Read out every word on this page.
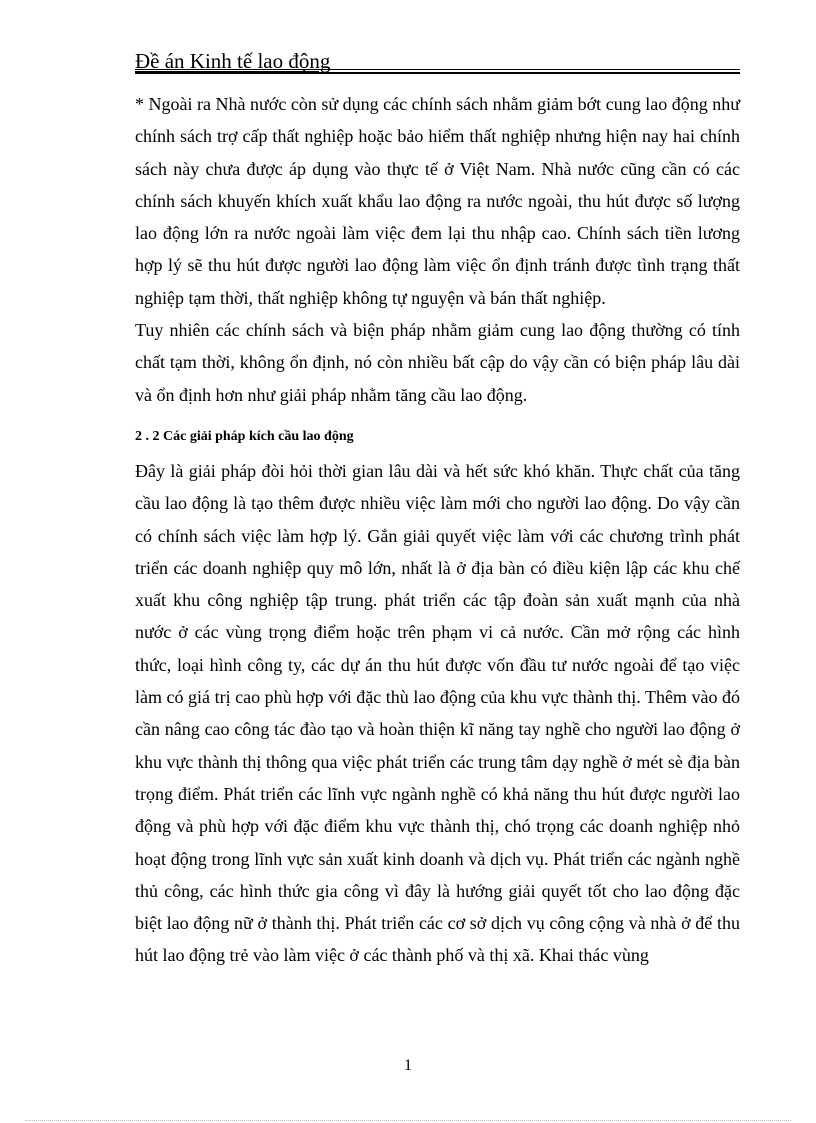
Đề án Kinh tế lao động

* Ngoài ra Nhà nước còn sử dụng các chính sách nhằm giảm bớt cung lao động như chính sách trợ cấp thất nghiệp hoặc bảo hiểm thất nghiệp nhưng hiện nay hai chính sách này chưa được áp dụng vào thực tế ở Việt Nam. Nhà nước cũng cần có các chính sách khuyến khích xuất khẩu lao động ra nước ngoài, thu hút được số lượng lao động lớn ra nước ngoài làm việc đem lại thu nhập cao. Chính sách tiền lương hợp lý sẽ thu hút được người lao động làm việc ổn định tránh được tình trạng thất nghiệp tạm thời, thất nghiệp không tự nguyện và bán thất nghiệp.

Tuy nhiên các chính sách và biện pháp nhằm giảm cung lao động thường có tính chất tạm thời, không ổn định, nó còn nhiều bất cập do vậy cần có biện pháp lâu dài và ổn định hơn như giải pháp nhằm tăng cầu lao động.

2 . 2 Các giải pháp kích cầu lao động

Đây là giải pháp đòi hỏi thời gian lâu dài và hết sức khó khăn. Thực chất của tăng cầu lao động là tạo thêm được nhiều việc làm mới cho người lao động. Do vậy cần có chính sách việc làm hợp lý. Gắn giải quyết việc làm với các chương trình phát triển các doanh nghiệp quy mô lớn, nhất là ở địa bàn có điều kiện lập các khu chế xuất khu công nghiệp tập trung. phát triển các tập đoàn sản xuất mạnh của nhà nước ở các vùng trọng điểm hoặc trên phạm vi cả nước. Cần mở rộng các hình thức, loại hình công ty, các dự án thu hút được vốn đầu tư nước ngoài để tạo việc làm có giá trị cao phù hợp với đặc thù lao động của khu vực thành thị. Thêm vào đó cần nâng cao công tác đào tạo và hoàn thiện kĩ năng tay nghề cho người lao động ở khu vực thành thị thông qua việc phát triển các trung tâm dạy nghề ở mét sè địa bàn trọng điểm. Phát triển các lĩnh vực ngành nghề có khả năng thu hút được người lao động và phù hợp với đặc điểm khu vực thành thị, chó trọng các doanh nghiệp nhỏ hoạt động trong lĩnh vực sản xuất kinh doanh và dịch vụ. Phát triển các ngành nghề thủ công, các hình thức gia công vì đây là hướng giải quyết tốt cho lao động đặc biệt lao động nữ ở thành thị. Phát triển các cơ sở dịch vụ công cộng và nhà ở để thu hút lao động trẻ vào làm việc ở các thành phố và thị xã. Khai thác vùng

1
